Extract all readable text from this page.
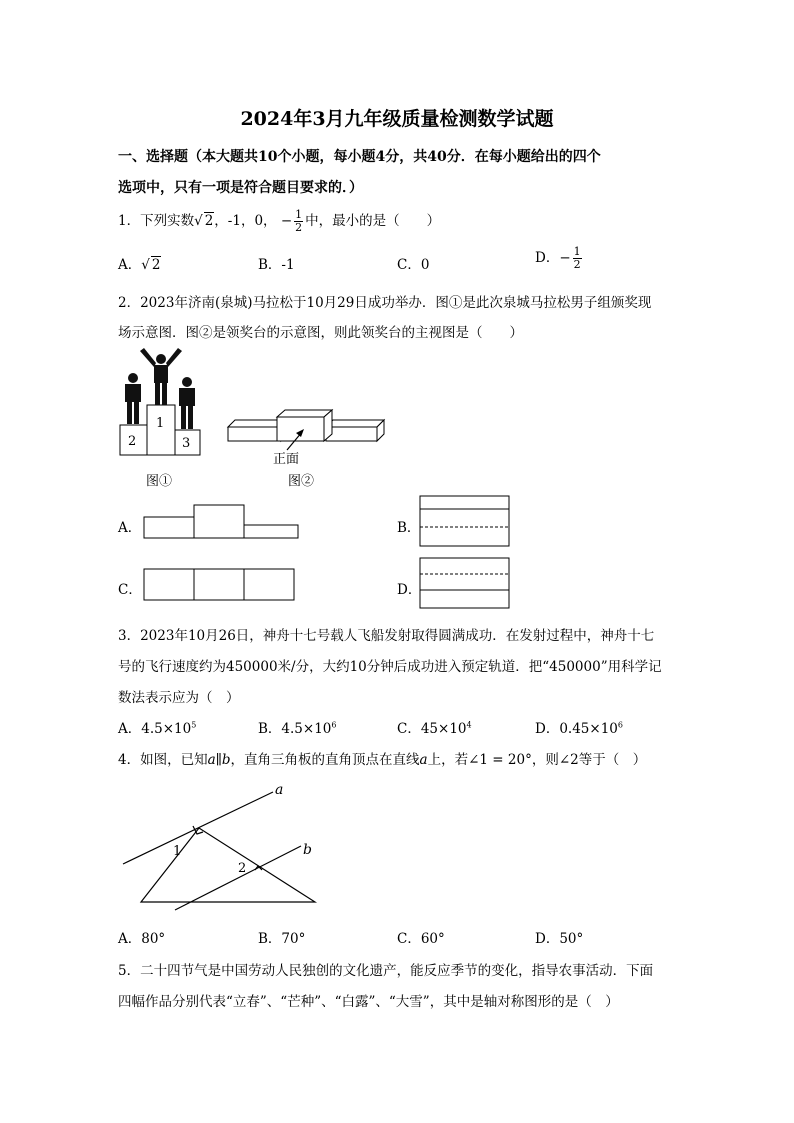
2024年3月九年级质量检测数学试题
一、选择题（本大题共10个小题，每小题4分，共40分．在每小题给出的四个
选项中，只有一项是符合题目要求的．）
1．下列实数√ 2，-1，0， − $\frac{1}{2}$ 中，最小的是（　　）
A．√ 2	B．-1	C．0	D．− $\frac{1}{2}$
2．2023年济南(泉城)马拉松于10月29日成功举办．图①是此次泉城马拉松男子组颁奖现
场示意图．图②是领奖台的示意图，则此领奖台的主视图是（　　）
2
1
3
正面
图①	图②
A．	B．
C．	D．
3．2023年10月26日，神舟十七号载人飞船发射取得圆满成功．在发射过程中，神舟十七
号的飞行速度约为450000米/分，大约10分钟后成功进入预定轨道．把“450000”用科学记
数法表示应为（　）
A．$4.5\times 10^5$	B．$4.5\times 10^6$	C．$45\times 10^4$	D．$0.45\times 10^6$
4．如图，已知a∥b，直角三角板的直角顶点在直线a上，若∠1 = 20°，则∠2等于（　）
a
b
1
2
A．80°	B．70°	C．60°	D．50°
5．二十四节气是中国劳动人民独创的文化遗产，能反应季节的变化，指导农事活动．下面
四幅作品分别代表“立春”、“芒种”、“白露”、“大雪”，其中是轴对称图形的是（　）
